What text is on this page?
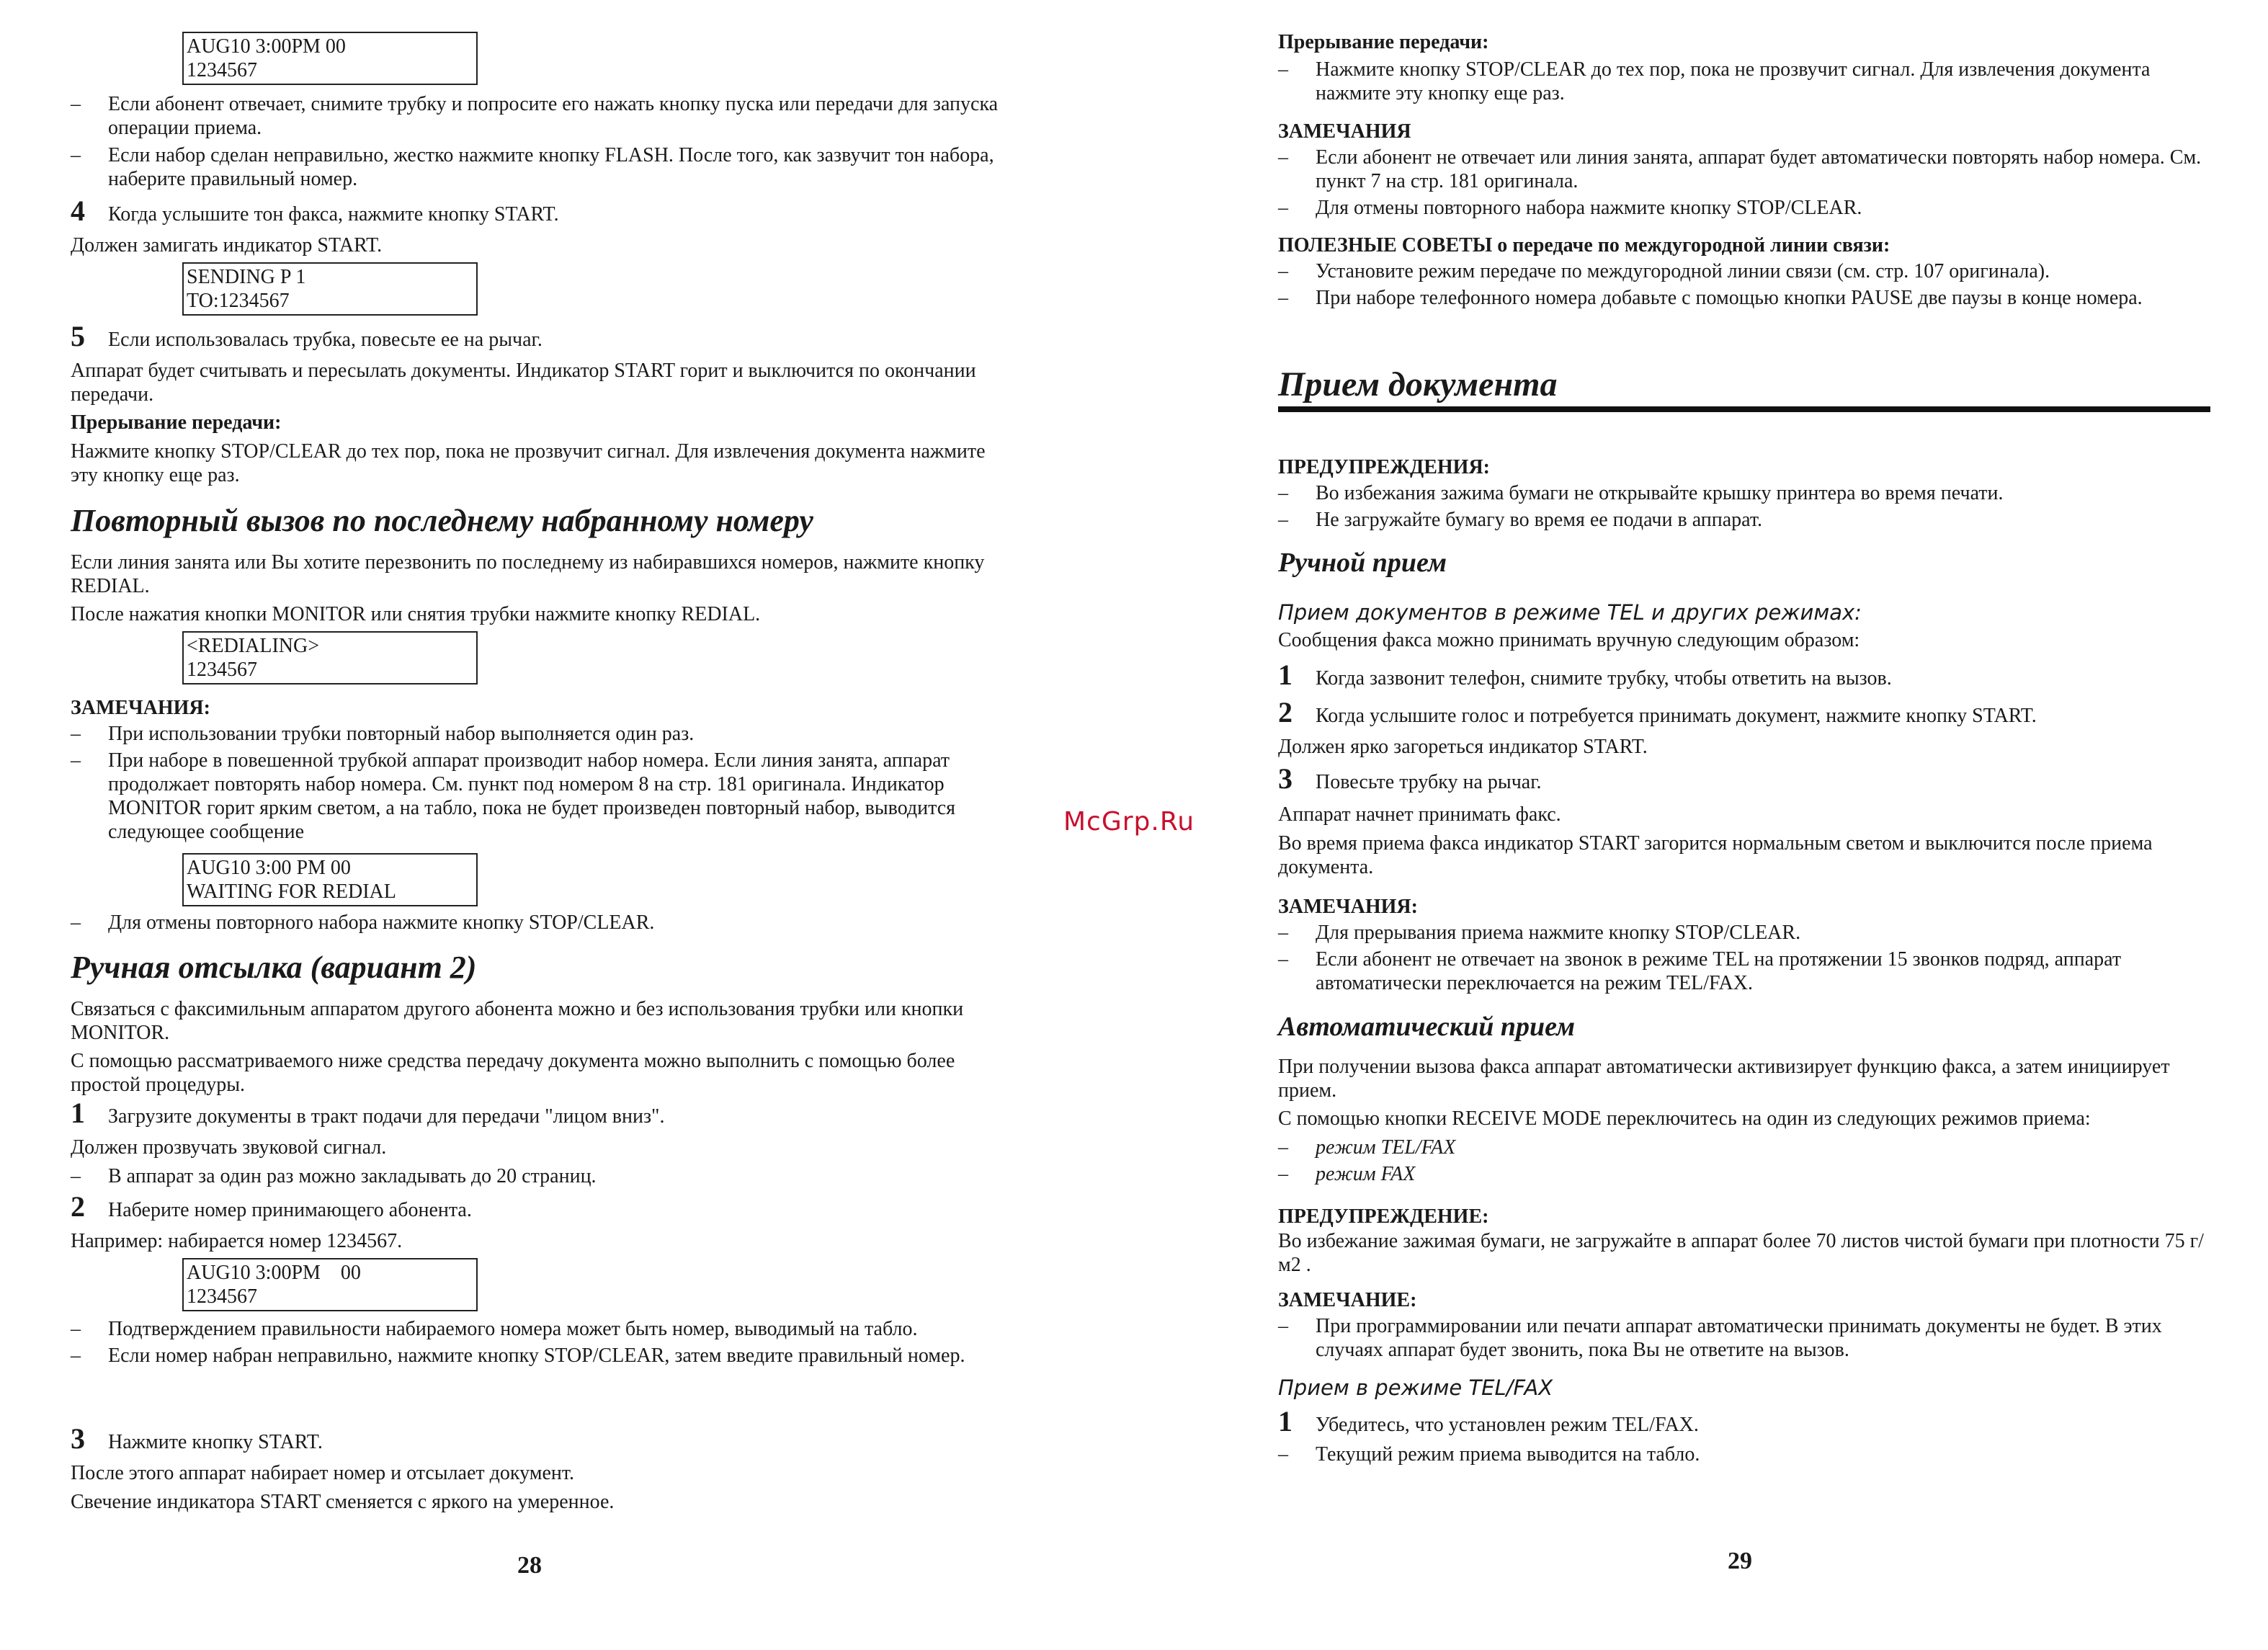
AUG10 3:00PM 00
1234567
–	Если абонент отвечает, снимите трубку и попросите его нажать кнопку пуска или передачи для запуска операции приема.
–	Если набор сделан неправильно, жестко нажмите кнопку FLASH. После того, как зазвучит тон набора, наберите правильный номер.
4	Когда услышите тон факса, нажмите кнопку START.
Должен замигать индикатор START.
SENDING P 1
TO:1234567
5	Если использовалась трубка, повесьте ее на рычаг.
Аппарат будет считывать и пересылать документы. Индикатор START горит и выключится по окончании передачи.
Прерывание передачи:
Нажмите кнопку STOP/CLEAR до тех пор, пока не прозвучит сигнал. Для извлечения документа нажмите эту кнопку еще раз.
Повторный вызов по последнему набранному номеру
Если линия занята или Вы хотите перезвонить по последнему из набиравшихся номеров, нажмите кнопку REDIAL.
После нажатия кнопки MONITOR или снятия трубки нажмите кнопку REDIAL.
<REDIALING>
1234567
ЗАМЕЧАНИЯ:
–	При использовании трубки повторный набор выполняется один раз.
–	При наборе в повешенной трубкой аппарат производит набор номера. Если линия занята, аппарат продолжает повторять набор номера. См. пункт под номером 8 на стр. 181 оригинала. Индикатор MONITOR горит ярким светом, а на табло, пока не будет произведен повторный набор, выводится следующее сообщение
AUG10 3:00 PM 00
WAITING FOR REDIAL
–	Для отмены повторного набора нажмите кнопку STOP/CLEAR.
Ручная отсылка (вариант 2)
Связаться с факсимильным аппаратом другого абонента можно и без использования трубки или кнопки MONITOR.
С помощью рассматриваемого ниже средства передачу документа можно выполнить с помощью более простой процедуры.
1	Загрузите документы в тракт подачи для передачи "лицом вниз".
Должен прозвучать звуковой сигнал.
–	В аппарат за один раз можно закладывать до 20 страниц.
2	Наберите номер принимающего абонента.
Например: набирается номер 1234567.
AUG10 3:00PM    00
1234567
–	Подтверждением правильности набираемого номера может быть номер, выводимый на табло.
–	Если номер набран неправильно, нажмите кнопку STOP/CLEAR, затем введите правильный номер.
3	Нажмите кнопку START.
После этого аппарат набирает номер и отсылает документ.
Свечение индикатора START сменяется с яркого на умеренное.
28
McGrp.Ru
Прерывание передачи:
–	Нажмите кнопку STOP/CLEAR до тех пор, пока не прозвучит сигнал. Для извлечения документа нажмите эту кнопку еще раз.
ЗАМЕЧАНИЯ
–	Если абонент не отвечает или линия занята, аппарат будет автоматически повторять набор номера. См. пункт 7 на стр. 181 оригинала.
–	Для отмены повторного набора нажмите кнопку STOP/CLEAR.
ПОЛЕЗНЫЕ СОВЕТЫ о передаче по междугородной линии связи:
–	Установите режим передаче по междугородной линии связи (см. стр. 107 оригинала).
–	При наборе телефонного номера добавьте с помощью кнопки PAUSE две паузы в конце номера.
Прием документа
ПРЕДУПРЕЖДЕНИЯ:
–	Во избежания зажима бумаги не открывайте крышку принтера во время печати.
–	Не загружайте бумагу во время ее подачи в аппарат.
Ручной прием
Прием документов в режиме TEL и других режимах:
Сообщения факса можно принимать вручную следующим образом:
1	Когда зазвонит телефон, снимите трубку, чтобы ответить на вызов.
2	Когда услышите голос и потребуется принимать документ, нажмите кнопку START.
Должен ярко загореться индикатор START.
3	Повесьте трубку на рычаг.
Аппарат начнет принимать факс.
Во время приема факса индикатор START загорится нормальным светом и выключится после приема документа.
ЗАМЕЧАНИЯ:
–	Для прерывания приема нажмите кнопку STOP/CLEAR.
–	Если абонент не отвечает на звонок в режиме TEL на протяжении 15 звонков подряд, аппарат автоматически переключается на режим TEL/FAX.
Автоматический прием
При получении вызова факса аппарат автоматически активизирует функцию факса, а затем инициирует прием.
С помощью кнопки RECEIVE MODE переключитесь на один из следующих режимов приема:
–	режим TEL/FAX
–	режим FAX
ПРЕДУПРЕЖДЕНИЕ:
Во избежание зажимая бумаги, не загружайте в аппарат более 70 листов чистой бумаги при плотности 75 г/м2 .
ЗАМЕЧАНИЕ:
–	При программировании или печати аппарат автоматически принимать документы не будет. В этих случаях аппарат будет звонить, пока Вы не ответите на вызов.
Прием в режиме TEL/FAX
1	Убедитесь, что установлен режим TEL/FAX.
–	Текущий режим приема выводится на табло.
29
